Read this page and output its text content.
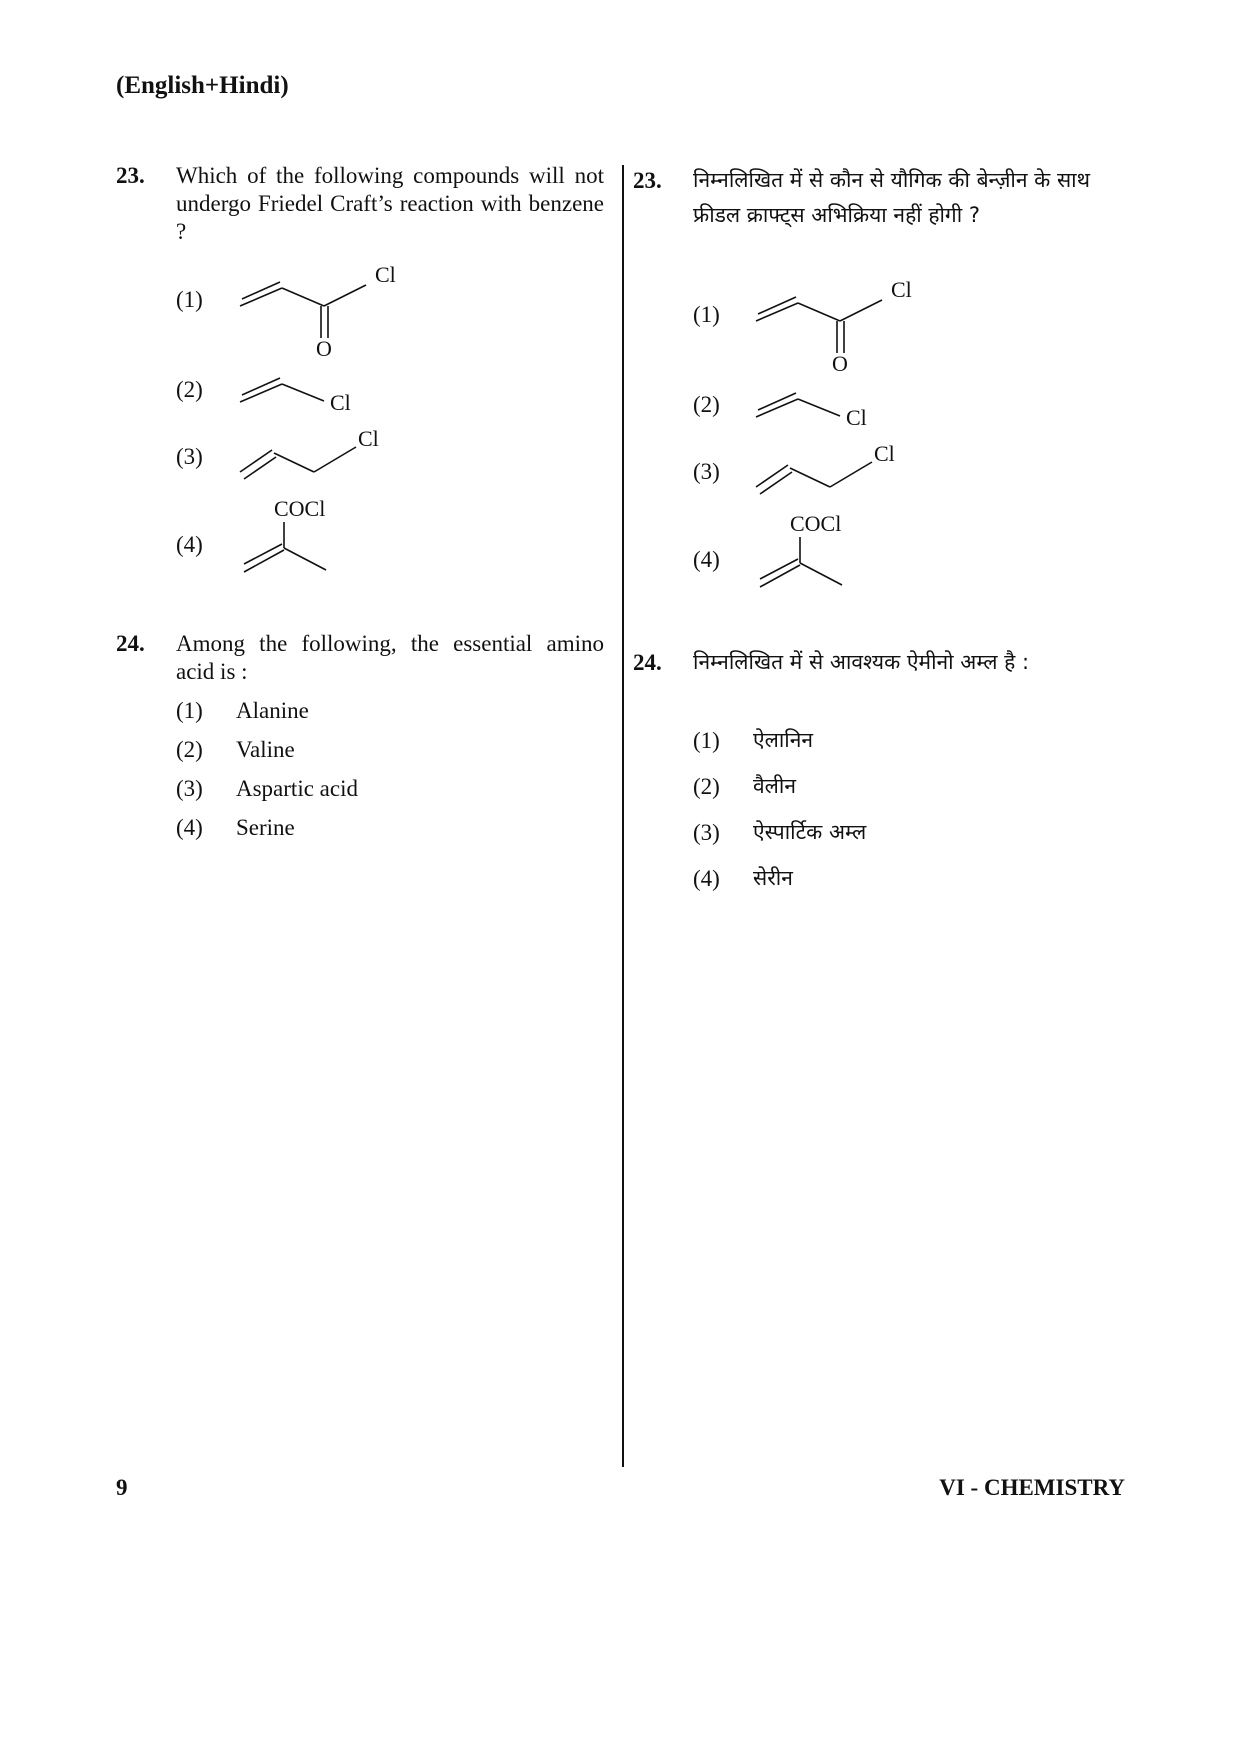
(English+Hindi)
23. Which of the following compounds will not undergo Friedel Craft’s reaction with benzene ?
(1)
Cl
O
(2)
Cl
(3)
Cl
(4)
COCl
24. Among the following, the essential amino acid is :
(1) Alanine
(2) Valine
(3) Aspartic acid
(4) Serine
23. निम्नलिखित में से कौन से यौगिक की बेन्ज़ीन के साथ
फ्रीडल क्राफ्ट्स अभिक्रिया नहीं होगी ?
(1)
Cl
O
(2)
Cl
(3)
Cl
(4)
COCl
24. निम्नलिखित में से आवश्यक ऐमीनो अम्ल है :
(1) ऐलानिन
(2) वैलीन
(3) ऐस्पार्टिक अम्ल
(4) सेरीन
9	VI - CHEMISTRY
